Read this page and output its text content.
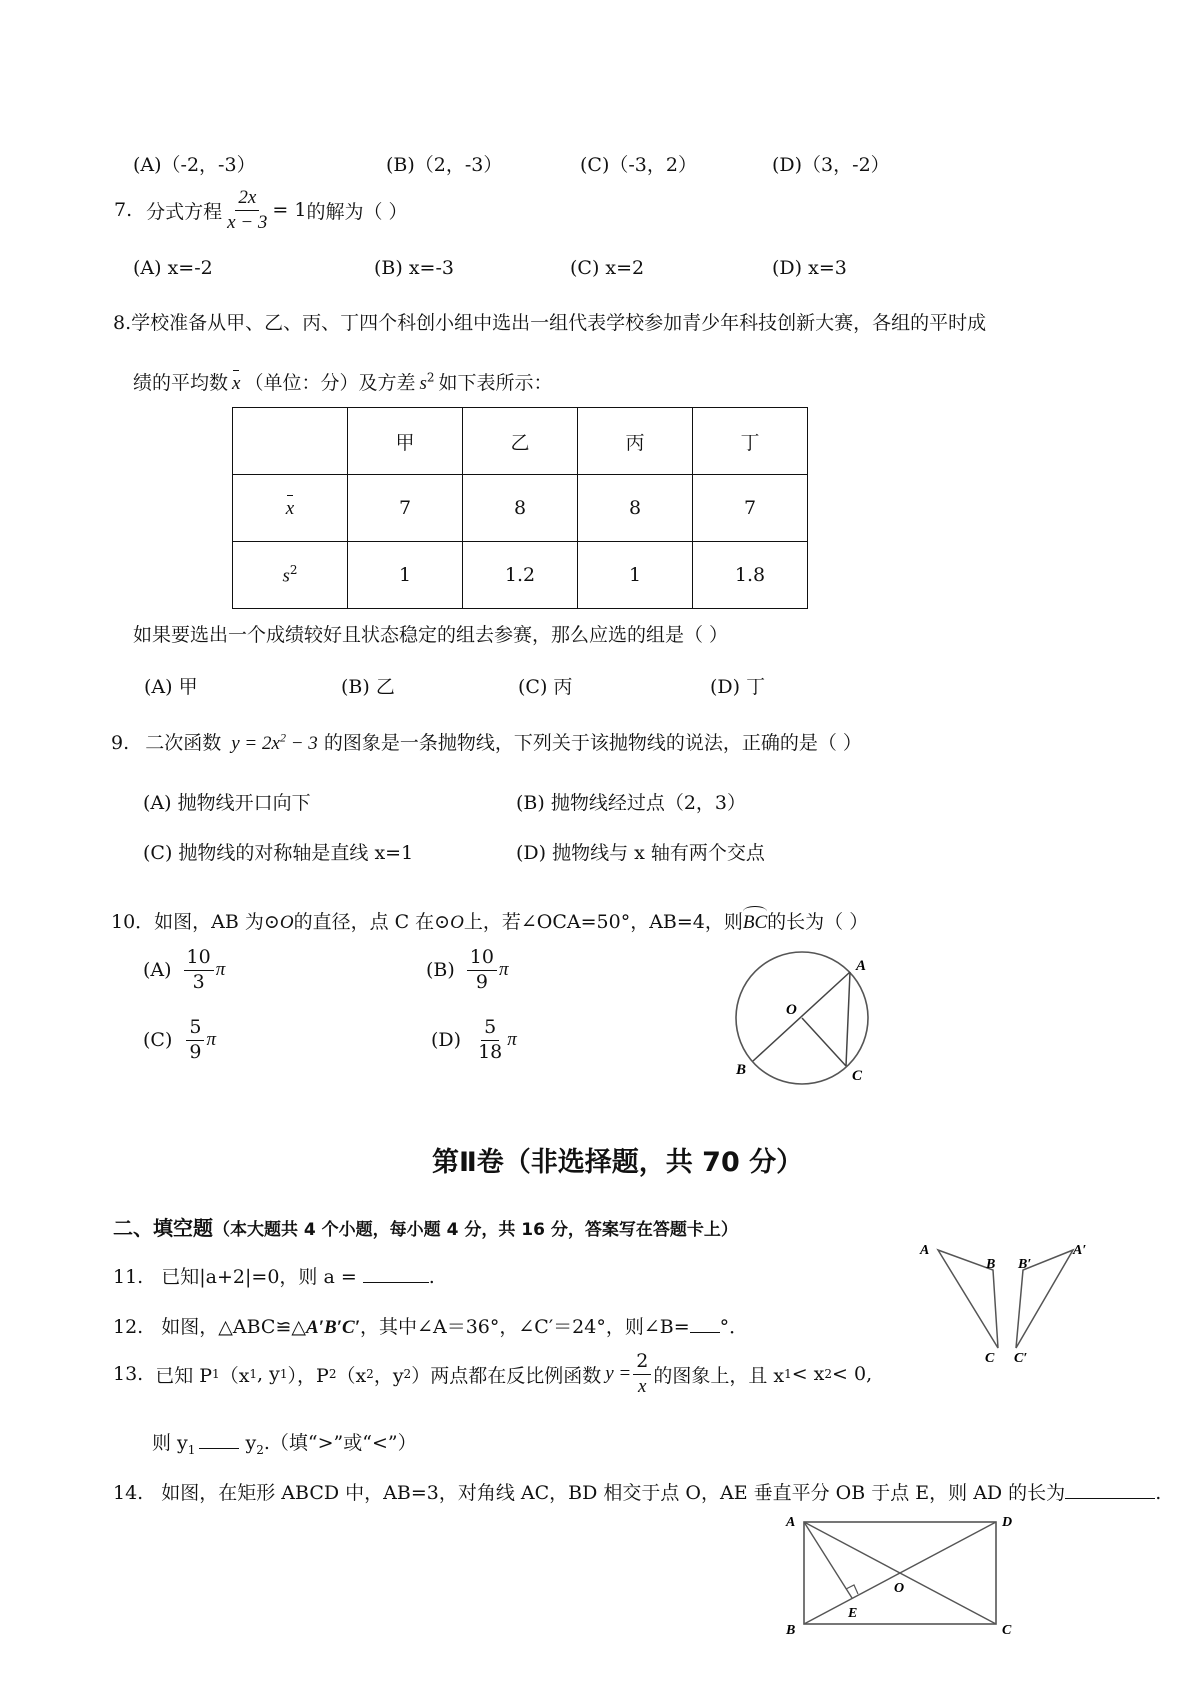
(A)（-2，-3）	(B)（2，-3）	(C)（-3，2）	(D)（3，-2）
7. 分式方程 $\frac{2x}{x - 3} = 1$ 的解为（ ）
(A) x=-2	(B) x=-3	(C) x=2	(D) x=3
8.学校准备从甲、乙、丙、丁四个科创小组中选出一组代表学校参加青少年科技创新大赛，各组的平时成
绩的平均数 x （单位：分）及方差 $s^2$ 如下表所示：
	甲	乙	丙	丁
x	7	8	8	7
$s^2$	1	1.2	1	1.8
如果要选出一个成绩较好且状态稳定的组去参赛，那么应选的组是（ ）
(A) 甲	(B) 乙	(C) 丙	(D) 丁
9. 二次函数 $y = 2x^2 - 3$ 的图象是一条抛物线，下列关于该抛物线的说法，正确的是（ ）
(A) 抛物线开口向下	(B) 抛物线经过点（2，3）
(C) 抛物线的对称轴是直线 x=1	(D) 抛物线与 x 轴有两个交点
10．如图，AB 为⊙O的直径，点 C 在⊙O上，若∠OCA=50°，AB=4，则BC的长为（ ）
$(A) \frac{10}{3}$ π	$(B) \frac{10}{9}$ π
$(C) \frac{5}{9}$ π	$(D) \frac{5}{18}$ π
A
O
B	C
第Ⅱ卷（非选择题，共 70 分）
二、填空题（本大题共 4 个小题，每小题 4 分，共 16 分，答案写在答题卡上）
11. 已知|a+2|=0，则 a =	.
12. 如图，△ABC≌△A′B′C′，其中∠A＝36°，∠C′＝24°，则∠B= °．
A
B
C
A′
B′
C′
13. 已知 P 1 （x 1 , y 1 ），P 2 （x 2 ，y 2 ）两点都在反比例函数 $y = \frac{2}{x}$ 的图象上，且 x 1 < x 2 < 0,
则 $y_1$ $y_2$.（填“>”或“<”）
14. 如图，在矩形 ABCD 中，AB=3，对角线 AC，BD 相交于点 O，AE 垂直平分 OB 于点 E，则 AD 的长为	.
A	D
O
E
B	C
